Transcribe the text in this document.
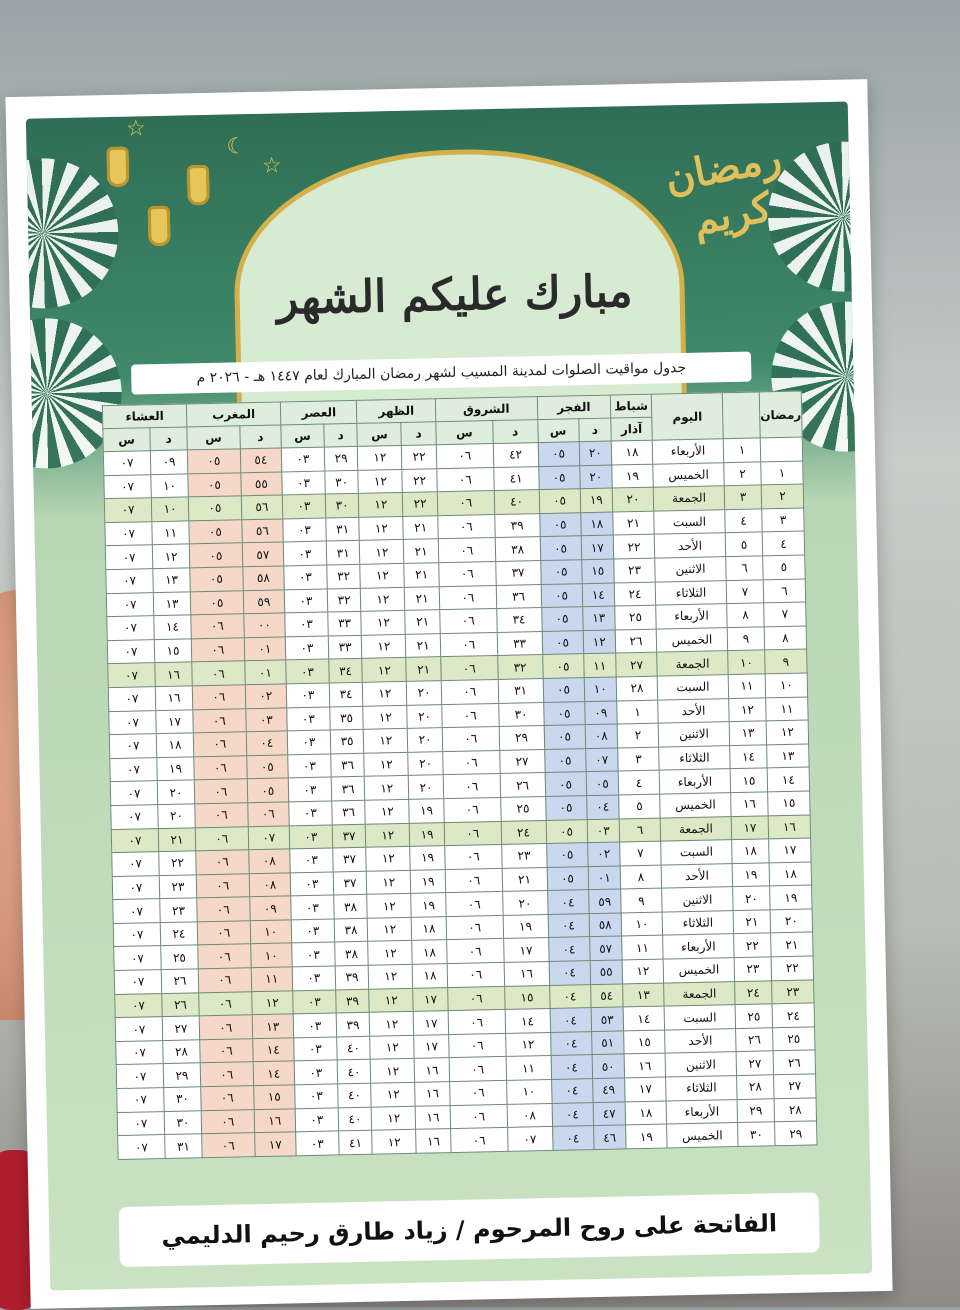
☆
☾
☆
مبارك عليكم الشهر
رمضان كريم
جدول مواقيت الصلوات لمدينة المسيب لشهر رمضان المبارك لعام ١٤٤٧ هـ - ٢٠٢٦ م
رمضان		اليوم	شباط	الفجر		الشروق		الظهر		العصر		المغرب		العشاء	
			آذار	د	س	د	س	د	س	د	س	د	س	د	س
	١	الأربعاء	١٨	٢٠	٠٥	٤٢	٠٦	٢٢	١٢	٢٩	٠٣	٥٤	٠٥	٠٩	٠٧
١	٢	الخميس	١٩	٢٠	٠٥	٤١	٠٦	٢٢	١٢	٣٠	٠٣	٥٥	٠٥	١٠	٠٧
٢	٣	الجمعة	٢٠	١٩	٠٥	٤٠	٠٦	٢٢	١٢	٣٠	٠٣	٥٦	٠٥	١٠	٠٧
٣	٤	السبت	٢١	١٨	٠٥	٣٩	٠٦	٢١	١٢	٣١	٠٣	٥٦	٠٥	١١	٠٧
٤	٥	الأحد	٢٢	١٧	٠٥	٣٨	٠٦	٢١	١٢	٣١	٠٣	٥٧	٠٥	١٢	٠٧
٥	٦	الاثنين	٢٣	١٥	٠٥	٣٧	٠٦	٢١	١٢	٣٢	٠٣	٥٨	٠٥	١٣	٠٧
٦	٧	الثلاثاء	٢٤	١٤	٠٥	٣٦	٠٦	٢١	١٢	٣٢	٠٣	٥٩	٠٥	١٣	٠٧
٧	٨	الأربعاء	٢٥	١٣	٠٥	٣٤	٠٦	٢١	١٢	٣٣	٠٣	٠٠	٠٦	١٤	٠٧
٨	٩	الخميس	٢٦	١٢	٠٥	٣٣	٠٦	٢١	١٢	٣٣	٠٣	٠١	٠٦	١٥	٠٧
٩	١٠	الجمعة	٢٧	١١	٠٥	٣٢	٠٦	٢١	١٢	٣٤	٠٣	٠١	٠٦	١٦	٠٧
١٠	١١	السبت	٢٨	١٠	٠٥	٣١	٠٦	٢٠	١٢	٣٤	٠٣	٠٢	٠٦	١٦	٠٧
١١	١٢	الأحد	١	٠٩	٠٥	٣٠	٠٦	٢٠	١٢	٣٥	٠٣	٠٣	٠٦	١٧	٠٧
١٢	١٣	الاثنين	٢	٠٨	٠٥	٢٩	٠٦	٢٠	١٢	٣٥	٠٣	٠٤	٠٦	١٨	٠٧
١٣	١٤	الثلاثاء	٣	٠٧	٠٥	٢٧	٠٦	٢٠	١٢	٣٦	٠٣	٠٥	٠٦	١٩	٠٧
١٤	١٥	الأربعاء	٤	٠٥	٠٥	٢٦	٠٦	٢٠	١٢	٣٦	٠٣	٠٥	٠٦	٢٠	٠٧
١٥	١٦	الخميس	٥	٠٤	٠٥	٢٥	٠٦	١٩	١٢	٣٦	٠٣	٠٦	٠٦	٢٠	٠٧
١٦	١٧	الجمعة	٦	٠٣	٠٥	٢٤	٠٦	١٩	١٢	٣٧	٠٣	٠٧	٠٦	٢١	٠٧
١٧	١٨	السبت	٧	٠٢	٠٥	٢٣	٠٦	١٩	١٢	٣٧	٠٣	٠٨	٠٦	٢٢	٠٧
١٨	١٩	الأحد	٨	٠١	٠٥	٢١	٠٦	١٩	١٢	٣٧	٠٣	٠٨	٠٦	٢٣	٠٧
١٩	٢٠	الاثنين	٩	٥٩	٠٤	٢٠	٠٦	١٩	١٢	٣٨	٠٣	٠٩	٠٦	٢٣	٠٧
٢٠	٢١	الثلاثاء	١٠	٥٨	٠٤	١٩	٠٦	١٨	١٢	٣٨	٠٣	١٠	٠٦	٢٤	٠٧
٢١	٢٢	الأربعاء	١١	٥٧	٠٤	١٧	٠٦	١٨	١٢	٣٨	٠٣	١٠	٠٦	٢٥	٠٧
٢٢	٢٣	الخميس	١٢	٥٥	٠٤	١٦	٠٦	١٨	١٢	٣٩	٠٣	١١	٠٦	٢٦	٠٧
٢٣	٢٤	الجمعة	١٣	٥٤	٠٤	١٥	٠٦	١٧	١٢	٣٩	٠٣	١٢	٠٦	٢٦	٠٧
٢٤	٢٥	السبت	١٤	٥٣	٠٤	١٤	٠٦	١٧	١٢	٣٩	٠٣	١٣	٠٦	٢٧	٠٧
٢٥	٢٦	الأحد	١٥	٥١	٠٤	١٢	٠٦	١٧	١٢	٤٠	٠٣	١٤	٠٦	٢٨	٠٧
٢٦	٢٧	الاثنين	١٦	٥٠	٠٤	١١	٠٦	١٦	١٢	٤٠	٠٣	١٤	٠٦	٢٩	٠٧
٢٧	٢٨	الثلاثاء	١٧	٤٩	٠٤	١٠	٠٦	١٦	١٢	٤٠	٠٣	١٥	٠٦	٣٠	٠٧
٢٨	٢٩	الأربعاء	١٨	٤٧	٠٤	٠٨	٠٦	١٦	١٢	٤٠	٠٣	١٦	٠٦	٣٠	٠٧
٢٩	٣٠	الخميس	١٩	٤٦	٠٤	٠٧	٠٦	١٦	١٢	٤١	٠٣	١٧	٠٦	٣١	٠٧
الفاتحة على روح المرحوم / زياد طارق رحيم الدليمي
